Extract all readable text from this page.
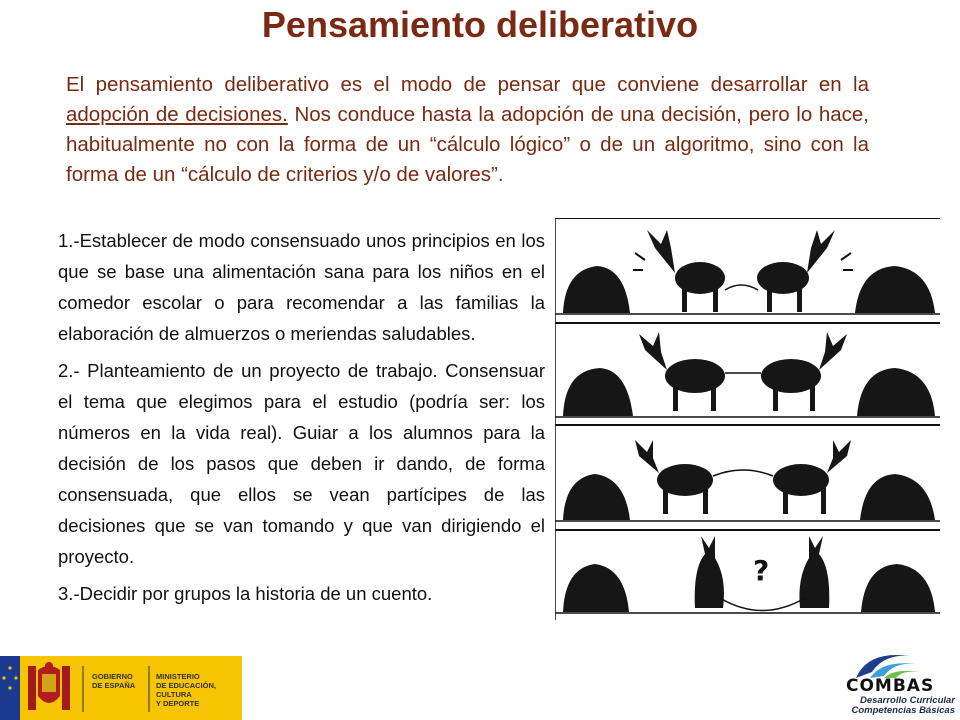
Pensamiento deliberativo
El pensamiento deliberativo es el modo de pensar que conviene desarrollar en la adopción de decisiones. Nos conduce hasta la adopción de una decisión, pero lo hace, habitualmente no con la forma de un “cálculo lógico” o de un algoritmo, sino con la forma de un “cálculo de criterios y/o de valores”.

1.-Establecer de modo consensuado unos principios en los que se base una alimentación sana para los niños en el comedor escolar o para recomendar a las familias la elaboración de almuerzos o meriendas saludables.

2.- Planteamiento de un proyecto de trabajo. Consensuar el tema que elegimos para el estudio (podría ser: los números en la vida real). Guiar a los alumnos para la decisión de los pasos que deben ir dando, de forma consensuada, que ellos se vean partícipes de las decisiones que se van tomando y que van dirigiendo el proyecto.

3.-Decidir por grupos la historia de un cuento.

?
GOBIERNO
DE ESPAÑA
MINISTERIO
DE EDUCACIÓN, CULTURA
Y DEPORTE
COMBAS
Desarrollo Curricular
Competencias Básicas
